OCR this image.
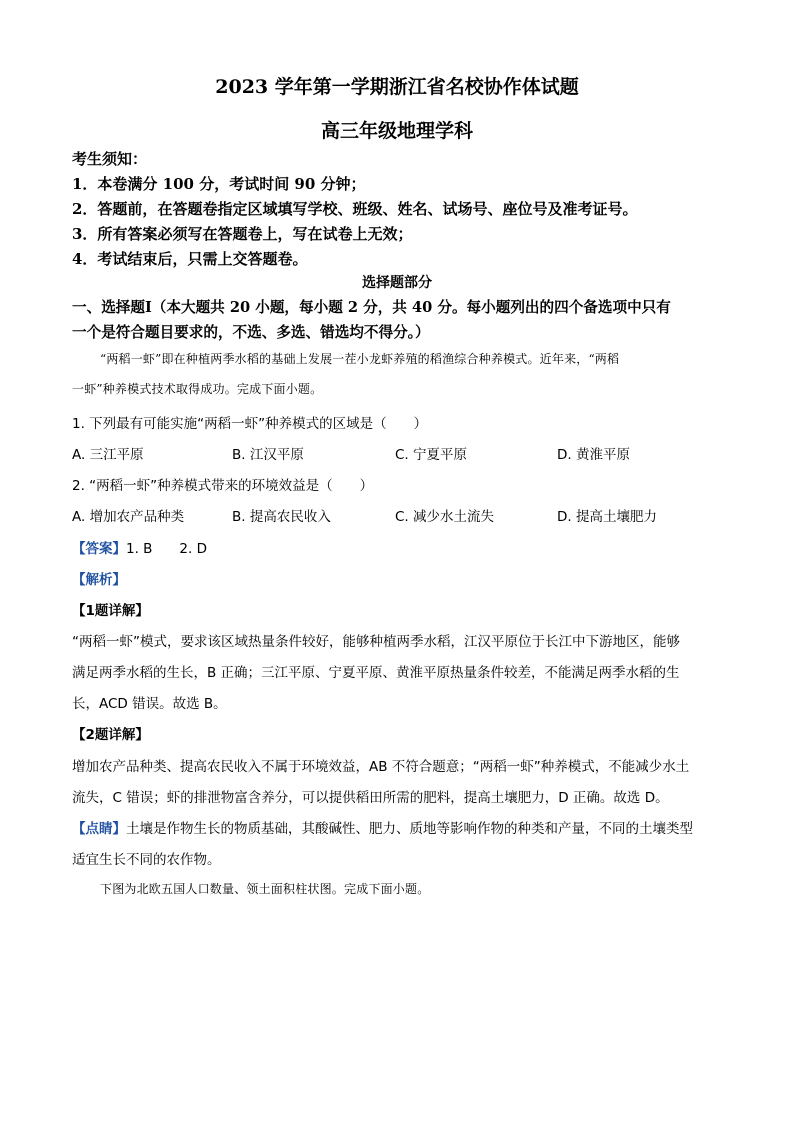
2023 学年第一学期浙江省名校协作体试题
高三年级地理学科
考生须知：
1．本卷满分 100 分，考试时间 90 分钟；
2．答题前，在答题卷指定区域填写学校、班级、姓名、试场号、座位号及准考证号。
3．所有答案必须写在答题卷上，写在试卷上无效；
4．考试结束后，只需上交答题卷。
选择题部分
一、选择题Ⅰ（本大题共 20 小题，每小题 2 分，共 40 分。每小题列出的四个备选项中只有
一个是符合题目要求的，不选、多选、错选均不得分。）
“两稻一虾”即在种植两季水稻的基础上发展一茬小龙虾养殖的稻渔综合种养模式。近年来，“两稻
一虾”种养模式技术取得成功。完成下面小题。
1. 下列最有可能实施“两稻一虾”种养模式的区域是（　　）
A. 三江平原	B. 江汉平原	C. 宁夏平原	D. 黄淮平原
2. “两稻一虾”种养模式带来的环境效益是（　　）
A. 增加农产品种类	B. 提高农民收入	C. 减少水土流失	D. 提高土壤肥力
【答案】1. B　　2. D
【解析】
【1题详解】
“两稻一虾”模式，要求该区域热量条件较好，能够种植两季水稻，江汉平原位于长江中下游地区，能够
满足两季水稻的生长，B 正确；三江平原、宁夏平原、黄淮平原热量条件较差，不能满足两季水稻的生
长，ACD 错误。故选 B。
【2题详解】
增加农产品种类、提高农民收入不属于环境效益，AB 不符合题意；“两稻一虾”种养模式，不能减少水土
流失，C 错误；虾的排泄物富含养分，可以提供稻田所需的肥料，提高土壤肥力，D 正确。故选 D。
【点睛】土壤是作物生长的物质基础，其酸碱性、肥力、质地等影响作物的种类和产量，不同的土壤类型
适宜生长不同的农作物。
下图为北欧五国人口数量、领土面积柱状图。完成下面小题。
